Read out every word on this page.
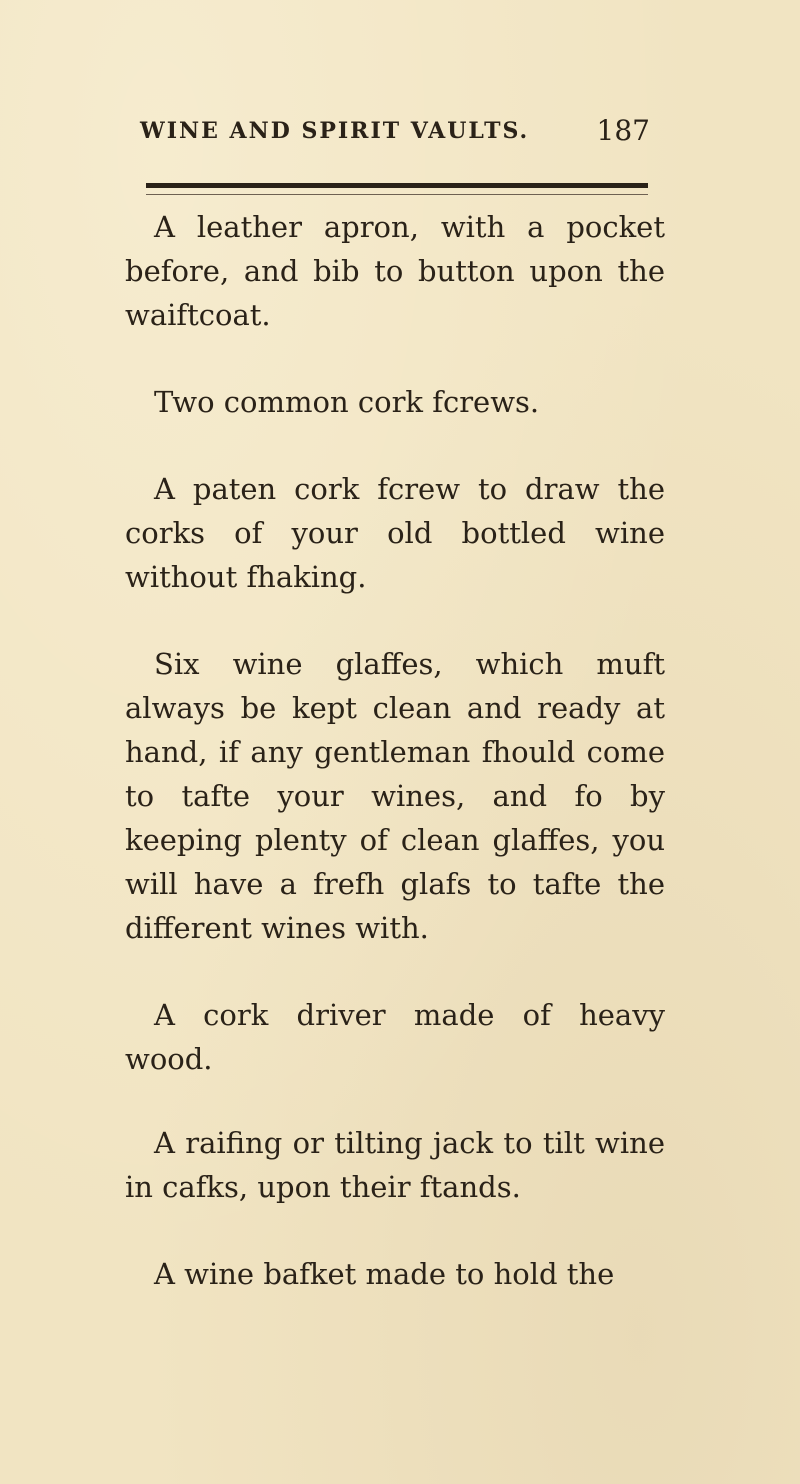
WINE AND SPIRIT VAULTS. 187

A leather apron, with a pocket before, and bib to button upon the waiftcoat.

Two common cork fcrews.

A paten cork fcrew to draw the corks of your old bottled wine without fhaking.

Six wine glaffes, which muft always be kept clean and ready at hand, if any gentleman fhould come to tafte your wines, and fo by keeping plenty of clean glaffes, you will have a frefh glafs to tafte the different wines with.

A cork driver made of heavy wood.

A raifing or tilting jack to tilt wine in cafks, upon their ftands.

A wine bafket made to hold the
